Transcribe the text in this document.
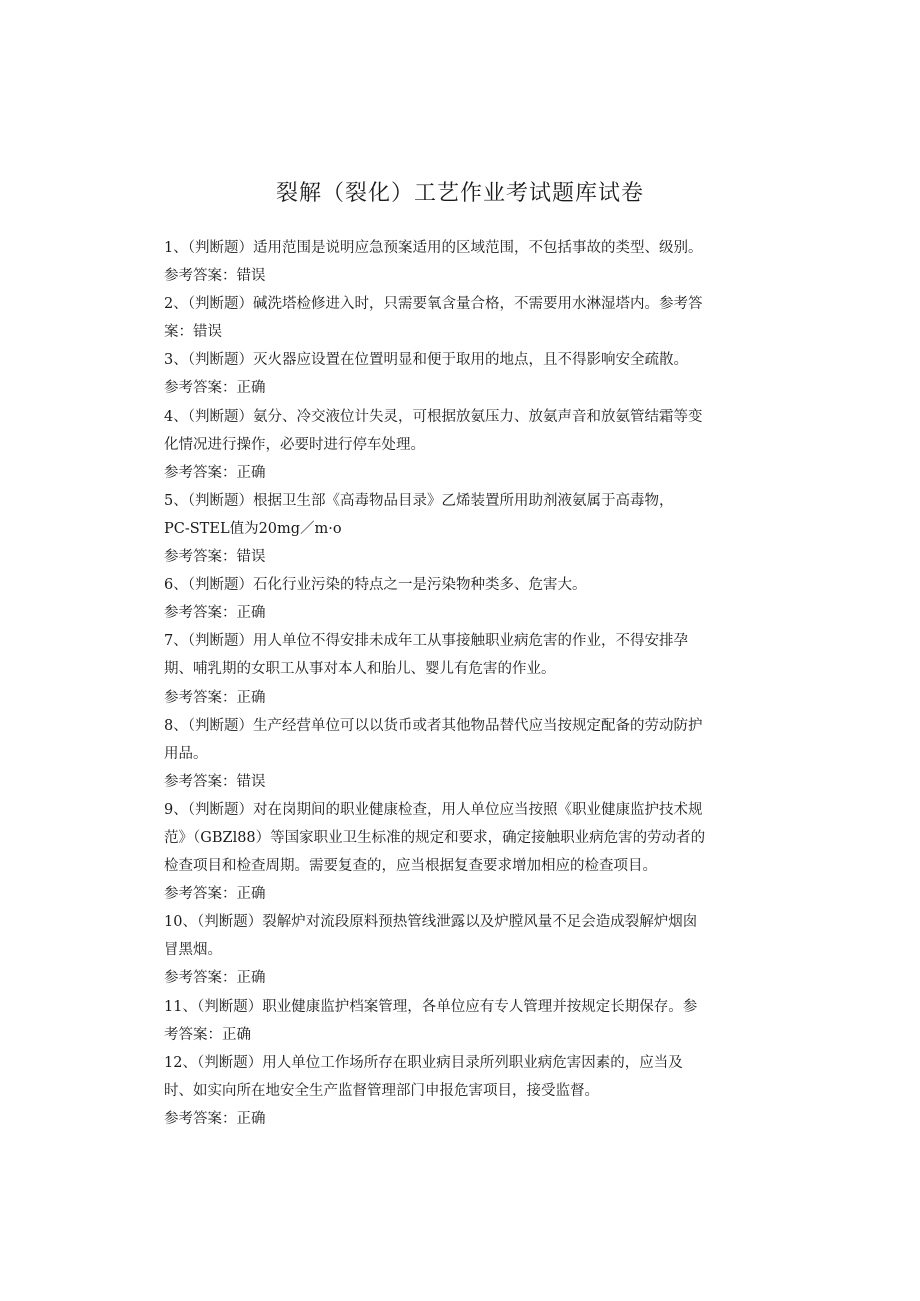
裂解（裂化）工艺作业考试题库试卷
1、（判断题）适用范围是说明应急预案适用的区域范围，不包括事故的类型、级别。
参考答案：错误
2、（判断题）碱洗塔检修进入时，只需要氧含量合格，不需要用水淋湿塔内。参考答
案：错误
3、（判断题）灭火器应设置在位置明显和便于取用的地点，且不得影响安全疏散。
参考答案：正确
4、（判断题）氨分、冷交液位计失灵，可根据放氨压力、放氨声音和放氨管结霜等变
化情况进行操作，必要时进行停车处理。
参考答案：正确
5、（判断题）根据卫生部《高毒物品目录》乙烯装置所用助剂液氨属于高毒物，
PC-STEL值为20mg／m·o
参考答案：错误
6、（判断题）石化行业污染的特点之一是污染物种类多、危害大。
参考答案：正确
7、（判断题）用人单位不得安排未成年工从事接触职业病危害的作业，不得安排孕
期、哺乳期的女职工从事对本人和胎儿、婴儿有危害的作业。
参考答案：正确
8、（判断题）生产经营单位可以以货币或者其他物品替代应当按规定配备的劳动防护
用品。
参考答案：错误
9、（判断题）对在岗期间的职业健康检查，用人单位应当按照《职业健康监护技术规
范》（GBZl88）等国家职业卫生标准的规定和要求，确定接触职业病危害的劳动者的
检查项目和检查周期。需要复查的，应当根据复查要求增加相应的检查项目。
参考答案：正确
10、（判断题）裂解炉对流段原料预热管线泄露以及炉膛风量不足会造成裂解炉烟囱
冒黑烟。
参考答案：正确
11、（判断题）职业健康监护档案管理，各单位应有专人管理并按规定长期保存。参
考答案：正确
12、（判断题）用人单位工作场所存在职业病目录所列职业病危害因素的，应当及
时、如实向所在地安全生产监督管理部门申报危害项目，接受监督。
参考答案：正确
